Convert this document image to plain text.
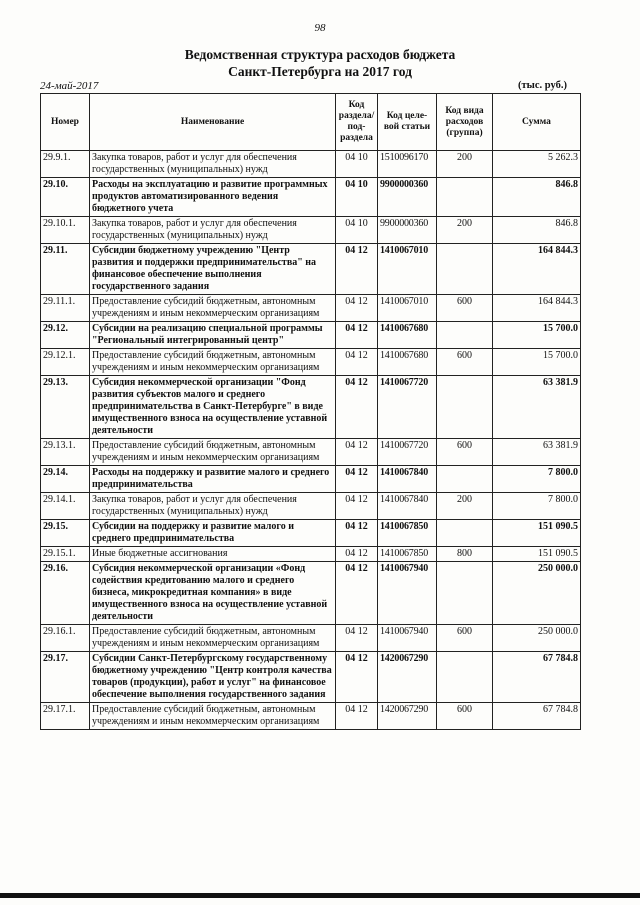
98
Ведомственная структура расходов бюджета
Санкт-Петербурга на 2017 год
24-май-2017	(тыс. руб.)
Номер	Наименование	Код раздела/ под-раздела	Код целе-вой статьи	Код вида расходов (группа)	Сумма
29.9.1.	Закупка товаров, работ и услуг для обеспечения государственных (муниципальных) нужд	04 10	1510096170	200	5 262.3
29.10.	Расходы на эксплуатацию и развитие программных продуктов автоматизированного ведения бюджетного учета	04 10	9900000360		846.8
29.10.1.	Закупка товаров, работ и услуг для обеспечения государственных (муниципальных) нужд	04 10	9900000360	200	846.8
29.11.	Субсидии бюджетному учреждению "Центр развития и поддержки предпринимательства" на финансовое обеспечение выполнения государственного задания	04 12	1410067010		164 844.3
29.11.1.	Предоставление субсидий бюджетным, автономным учреждениям и иным некоммерческим организациям	04 12	1410067010	600	164 844.3
29.12.	Субсидии на реализацию специальной программы "Региональный интегрированный центр"	04 12	1410067680		15 700.0
29.12.1.	Предоставление субсидий бюджетным, автономным учреждениям и иным некоммерческим организациям	04 12	1410067680	600	15 700.0
29.13.	Субсидия некоммерческой организации "Фонд развития субъектов малого и среднего предпринимательства в Санкт-Петербурге" в виде имущественного взноса на осуществление уставной деятельности	04 12	1410067720		63 381.9
29.13.1.	Предоставление субсидий бюджетным, автономным учреждениям и иным некоммерческим организациям	04 12	1410067720	600	63 381.9
29.14.	Расходы на поддержку и развитие малого и среднего предпринимательства	04 12	1410067840		7 800.0
29.14.1.	Закупка товаров, работ и услуг для обеспечения государственных (муниципальных) нужд	04 12	1410067840	200	7 800.0
29.15.	Субсидии на поддержку и развитие малого и среднего предпринимательства	04 12	1410067850		151 090.5
29.15.1.	Иные бюджетные ассигнования	04 12	1410067850	800	151 090.5
29.16.	Субсидия некоммерческой организации «Фонд содействия кредитованию малого и среднего бизнеса, микрокредитная компания» в виде имущественного взноса на осуществление уставной деятельности	04 12	1410067940		250 000.0
29.16.1.	Предоставление субсидий бюджетным, автономным учреждениям и иным некоммерческим организациям	04 12	1410067940	600	250 000.0
29.17.	Субсидии Санкт-Петербургскому государственному бюджетному учреждению "Центр контроля качества товаров (продукции), работ и услуг" на финансовое обеспечение выполнения государственного задания	04 12	1420067290		67 784.8
29.17.1.	Предоставление субсидий бюджетным, автономным учреждениям и иным некоммерческим организациям	04 12	1420067290	600	67 784.8
